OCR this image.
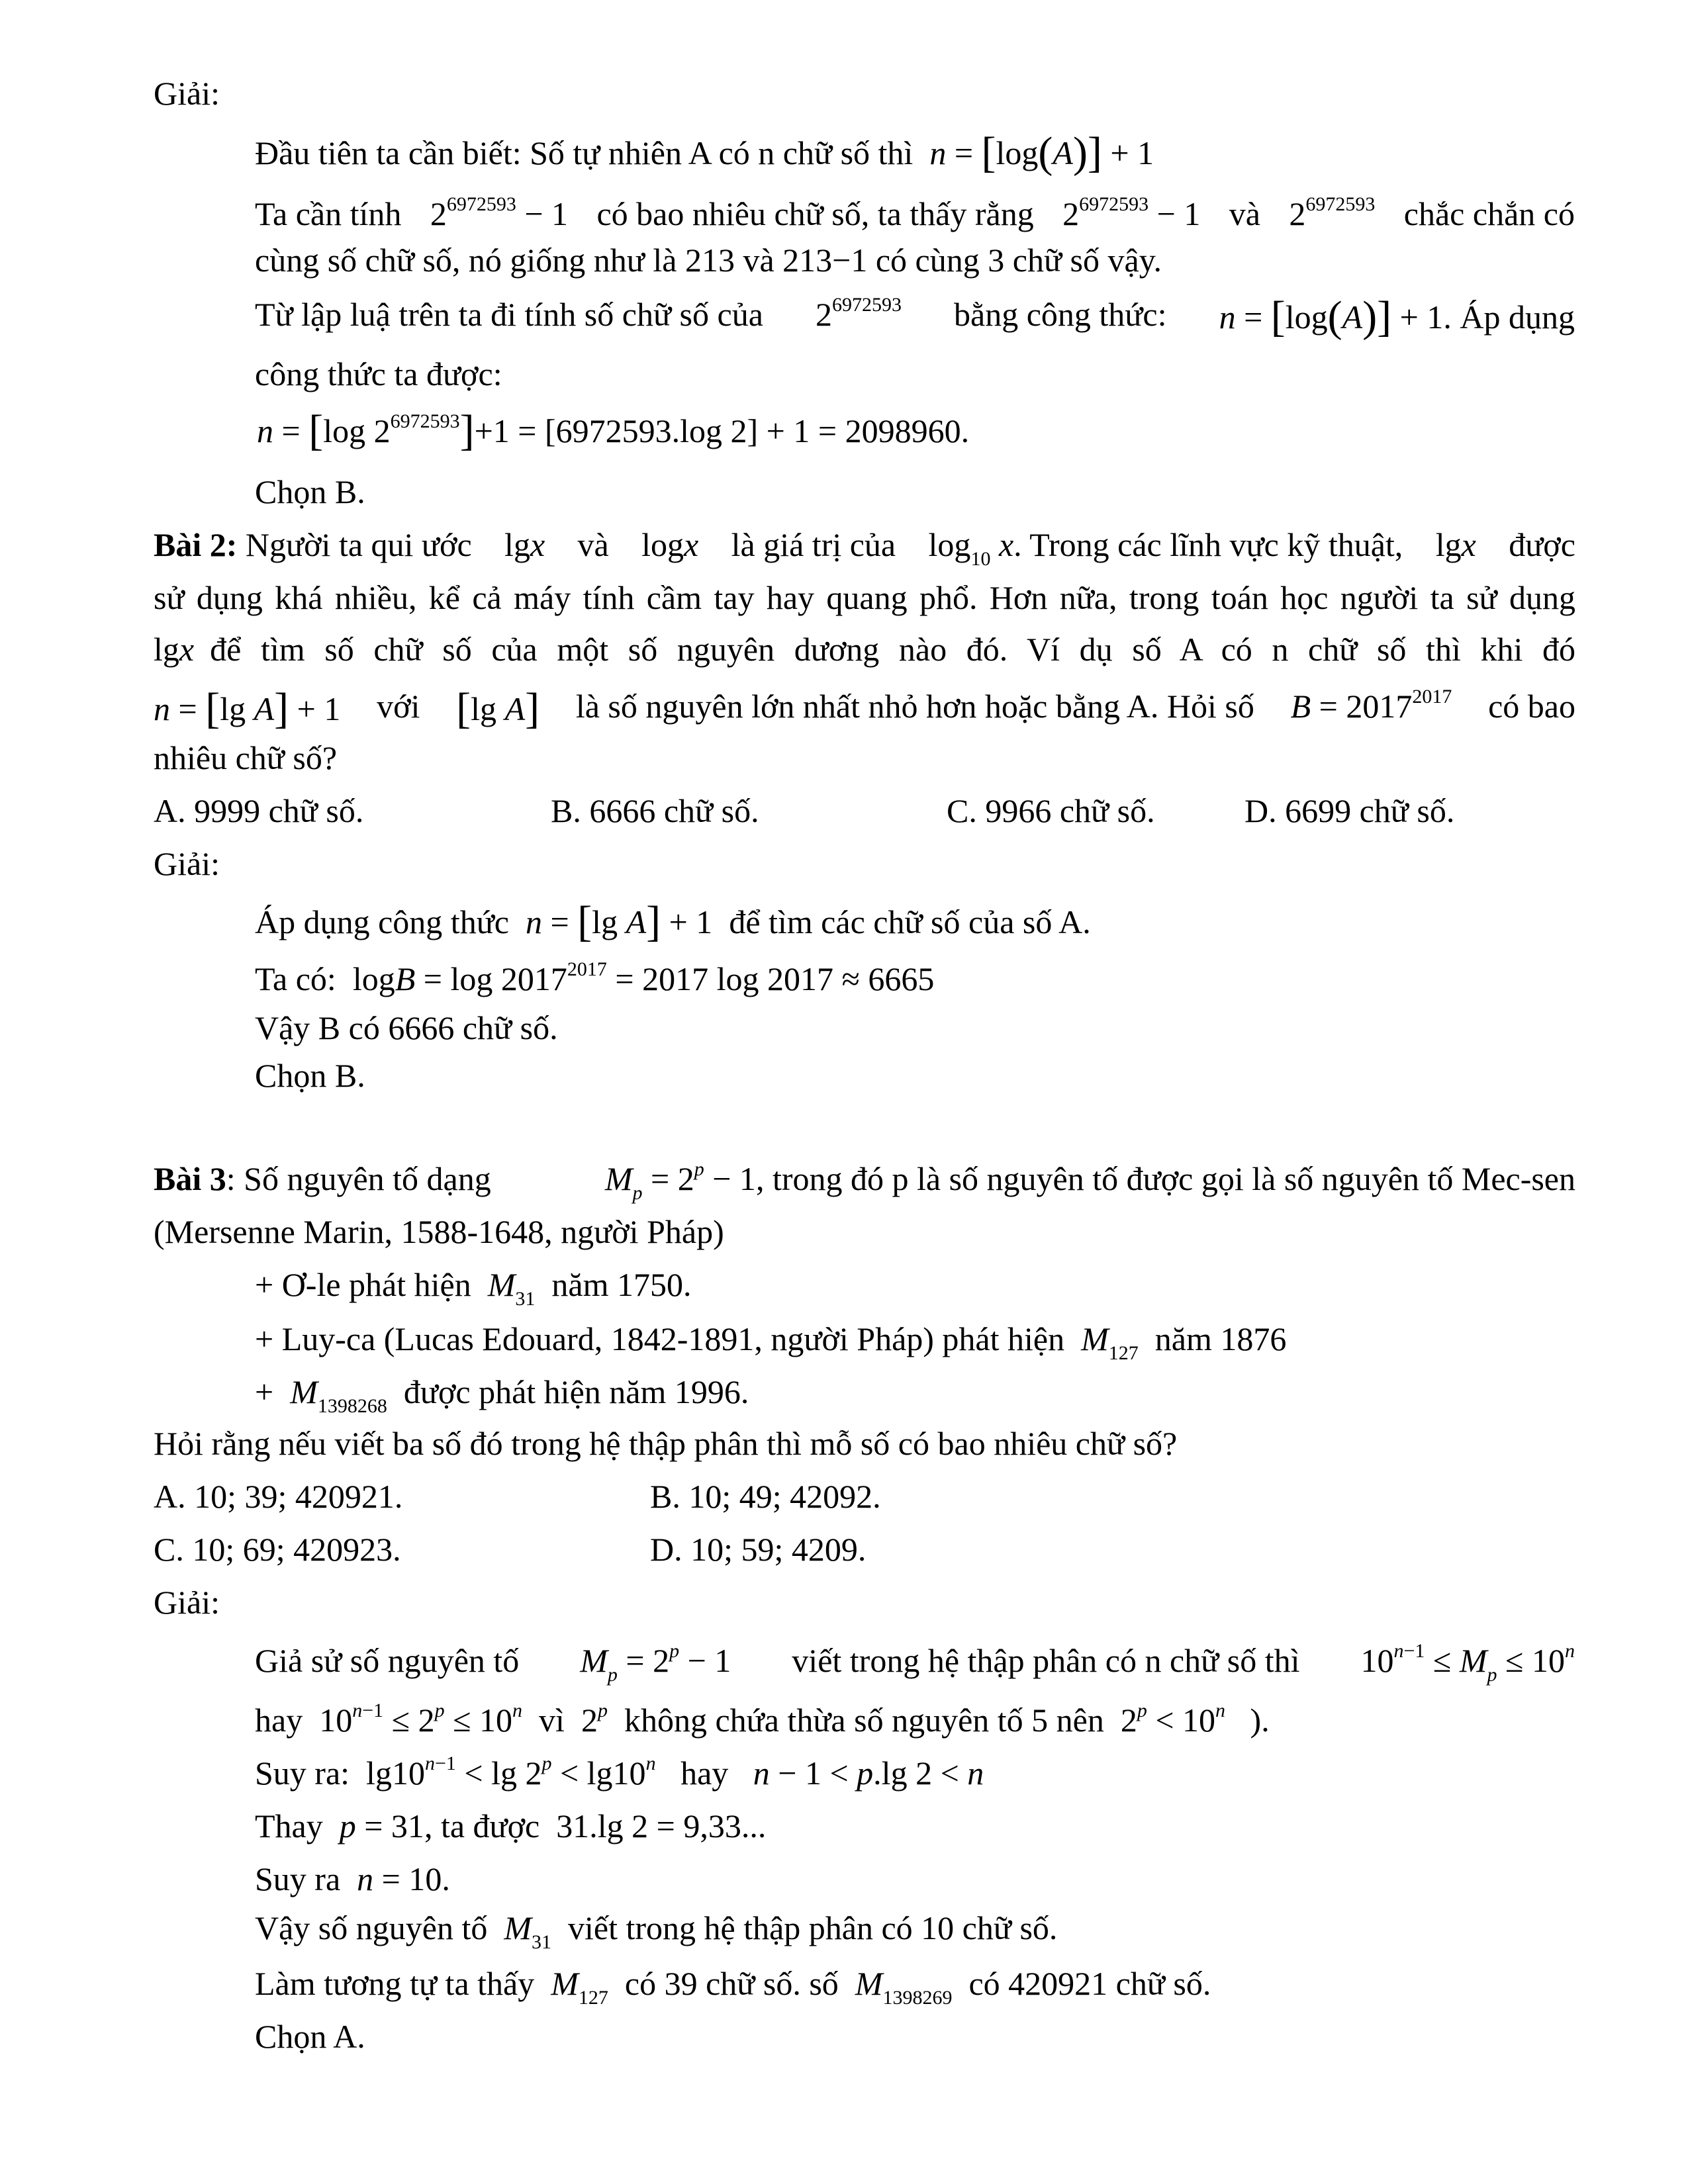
Giải:
Đầu tiên ta cần biết: Số tự nhiên A có n chữ số thì n = [log(A)] + 1
Ta cần tính $2^{6972593} - 1$ có bao nhiêu chữ số, ta thấy rằng $2^{6972593} - 1$ và $2^{6972593}$ chắc chắn có
cùng số chữ số, nó giống như là 213 và 213−1 có cùng 3 chữ số vậy.
Từ lập luậ trên ta đi tính số chữ số của $2^{6972593}$ bằng công thức: n = [log(A)] + 1. Áp dụng
công thức ta được:
n = [log $2^{6972593}]+1 = [6972593.\log$ 2] + 1 = 2098960.
Chọn B.
Bài 2: Người ta qui ước lgx và logx là giá trị của $\log_{10} x$. Trong các lĩnh vực kỹ thuật, lgx được
sử dụng khá nhiều, kể cả máy tính cầm tay hay quang phổ. Hơn nữa, trong toán học người ta sử dụng
lgx để tìm số chữ số của một số nguyên dương nào đó. Ví dụ số A có n chữ số thì khi đó
n = [lg A] + 1 với [lg A] là số nguyên lớn nhất nhỏ hơn hoặc bằng A. Hỏi số $B = 2017^{2017}$ có bao
nhiêu chữ số?
A. 9999 chữ số.	B. 6666 chữ số.	C. 9966 chữ số.	D. 6699 chữ số.
Giải:
Áp dụng công thức n = [lg A] + 1  để tìm các chữ số của số A.
Ta có:  $\log B = \log 2017^{2017} = 2017$ log 2017 ≈ 6665
Vậy B có 6666 chữ số.
Chọn B.
Bài 3: Số nguyên tố dạng	$M_p = 2^p - 1$, trong đó p là số nguyên tố được gọi là số nguyên tố Mec-sen
(Mersenne Marin, 1588-1648, người Pháp)
+ Ơ-le phát hiện $M_{31}$ năm 1750.
+ Luy-ca (Lucas Edouard, 1842-1891, người Pháp) phát hiện $M_{127}$ năm 1876
+ $M_{1398268}$ được phát hiện năm 1996.
Hỏi rằng nếu viết ba số đó trong hệ thập phân thì mỗ số có bao nhiêu chữ số?
A. 10; 39; 420921.	B. 10; 49; 42092.
C. 10; 69; 420923.	D. 10; 59; 4209.
Giải:
Giả sử số nguyên tố $M_p = 2^p - 1$ viết trong hệ thập phân có n chữ số thì $10^{n-1} \le M_p \le 10^n$
hay  $10^{n-1} \le 2^p \le 10^n$ vì  2$^p$ không chứa thừa số nguyên tố 5 nên  $2^p < 10^n$ ).
Suy ra:  $\lg 10^{n-1} < \lg 2^p < \lg 10^n$ hay n − 1 < p.lg 2 < n
Thay p = 31, ta được  31.lg 2 = 9,33...
Suy ra n = 10.
Vậy số nguyên tố $M_{31}$ viết trong hệ thập phân có 10 chữ số.
Làm tương tự ta thấy $M_{127}$ có 39 chữ số. số $M_{1398269}$ có 420921 chữ số.
Chọn A.
